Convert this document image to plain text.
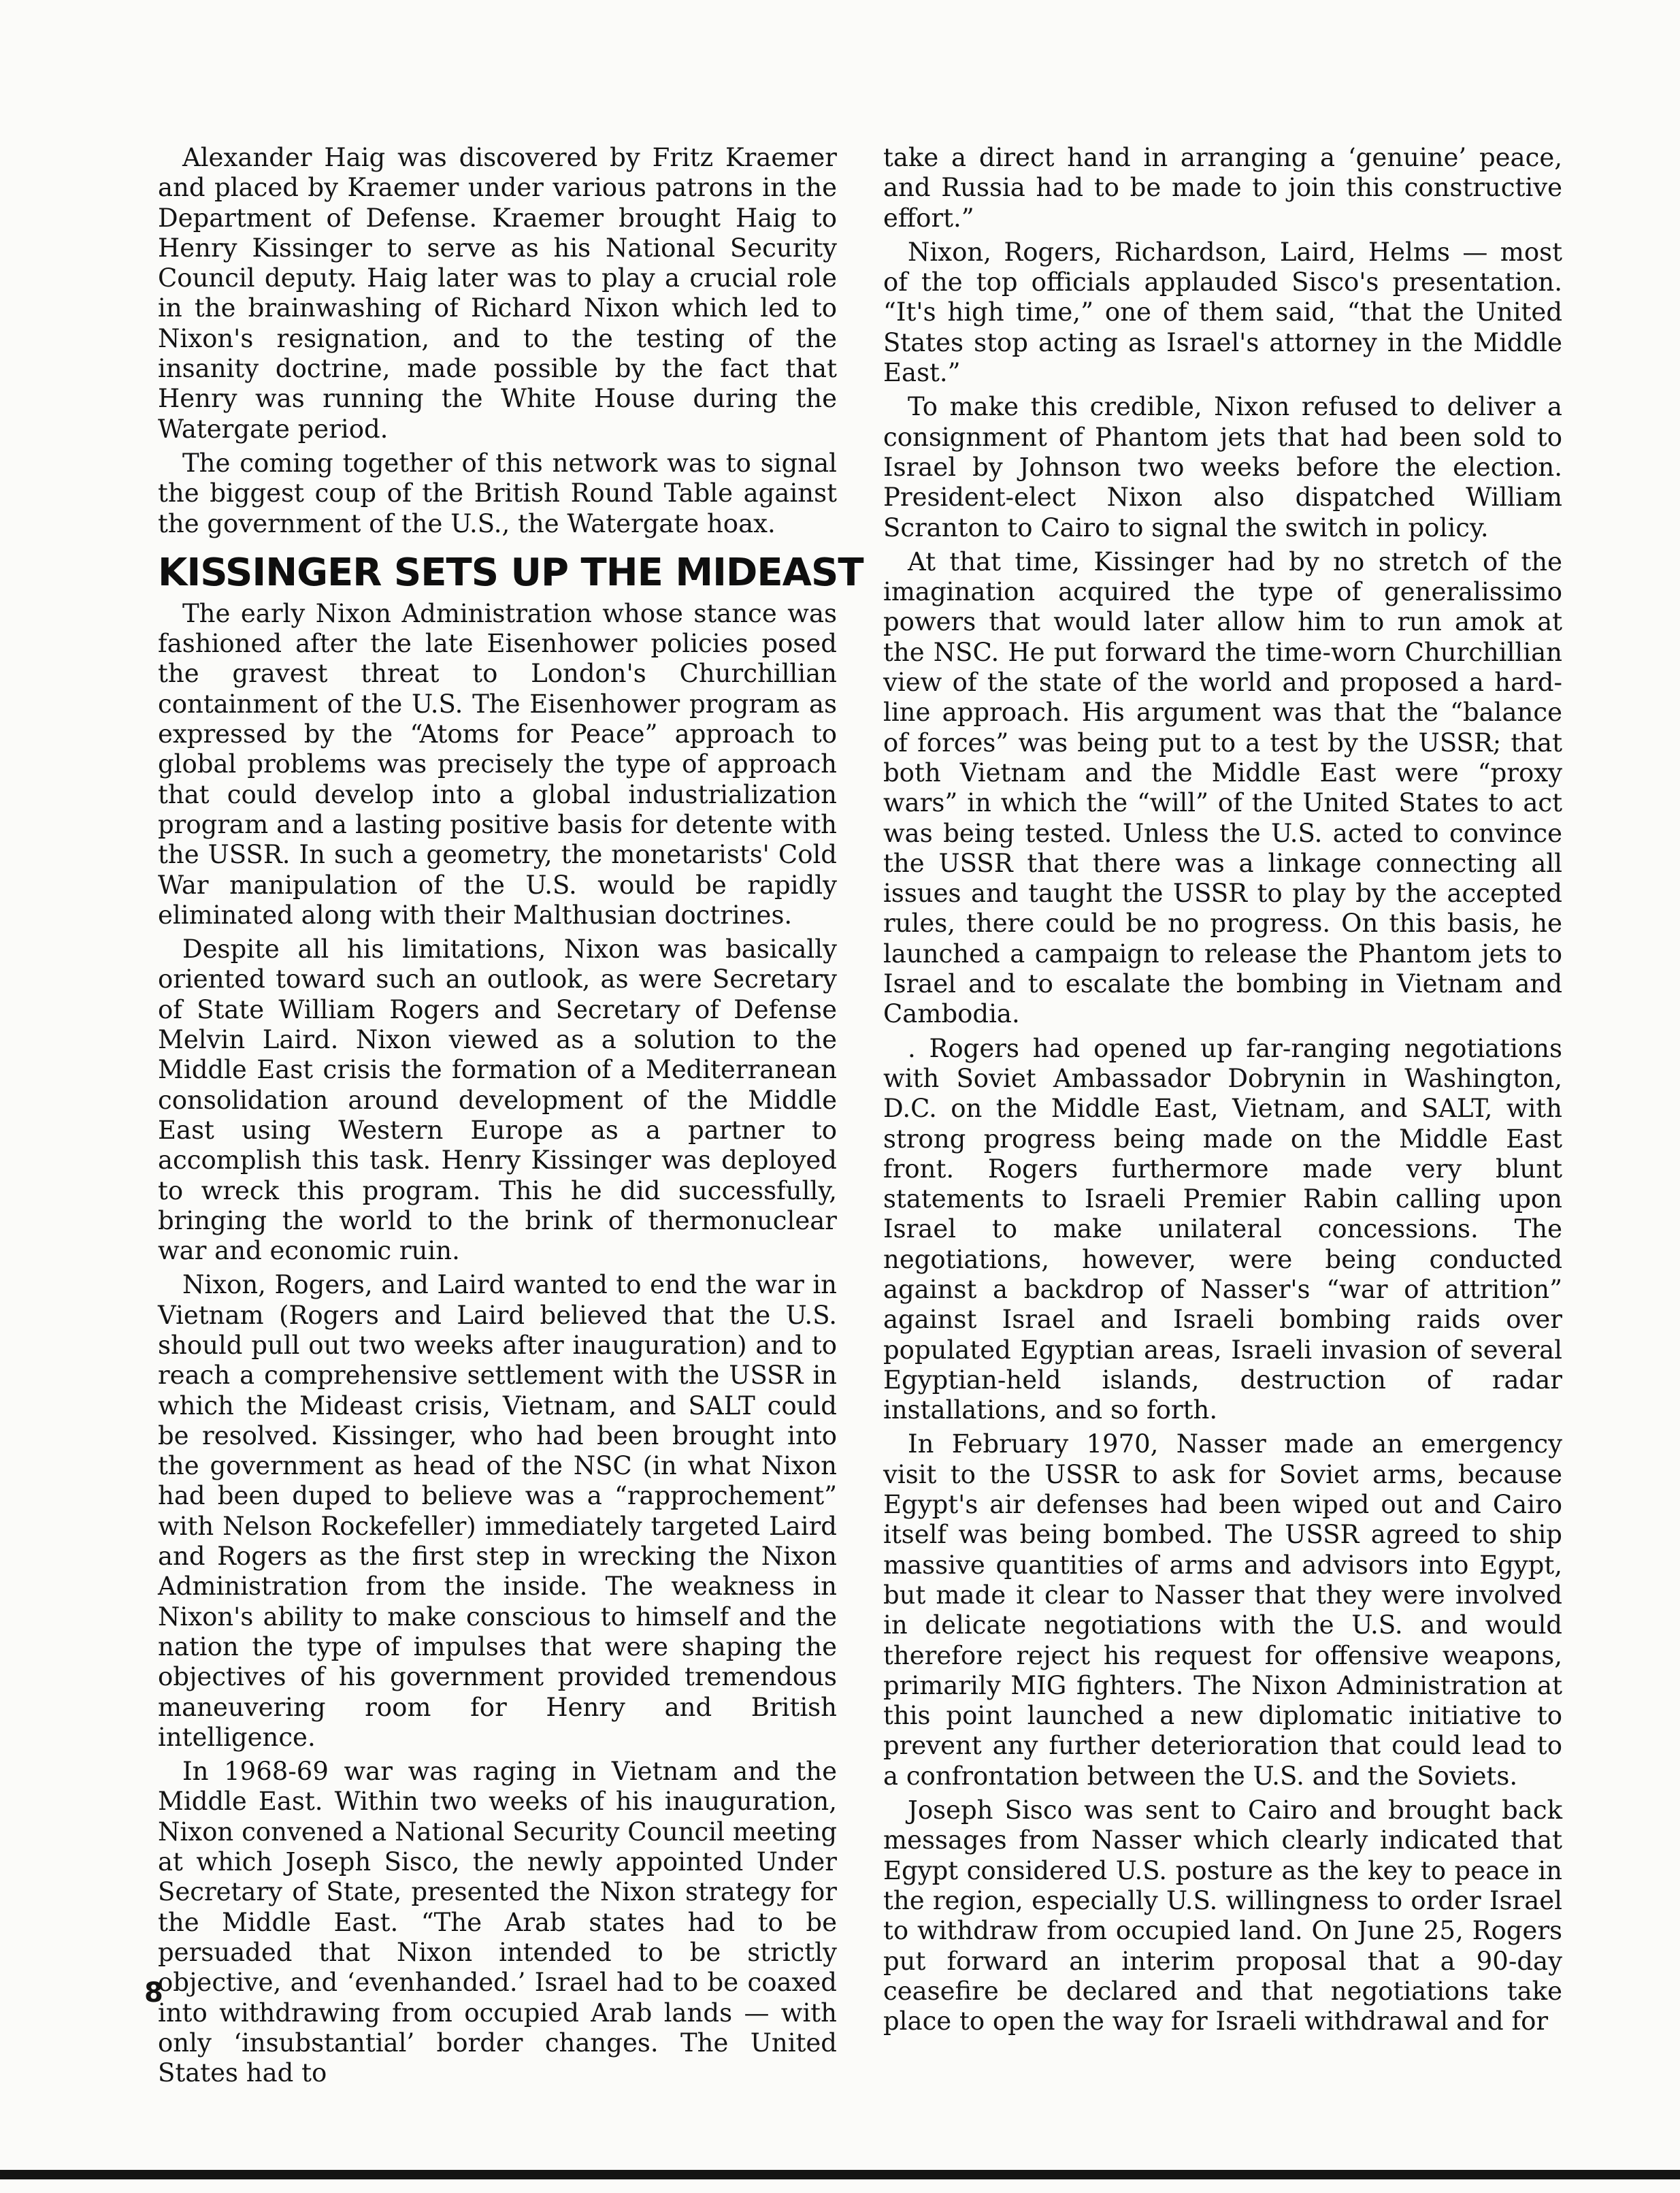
Alexander Haig was discovered by Fritz Kraemer and placed by Kraemer under various patrons in the Department of Defense. Kraemer brought Haig to Henry Kissinger to serve as his National Security Council deputy. Haig later was to play a crucial role in the brainwashing of Richard Nixon which led to Nixon's resignation, and to the testing of the insanity doctrine, made possible by the fact that Henry was running the White House during the Watergate period.

The coming together of this network was to signal the biggest coup of the British Round Table against the government of the U.S., the Watergate hoax.

KISSINGER SETS UP THE MIDEAST

The early Nixon Administration whose stance was fashioned after the late Eisenhower policies posed the gravest threat to London's Churchillian containment of the U.S. The Eisenhower program as expressed by the “Atoms for Peace” approach to global problems was precisely the type of approach that could develop into a global industrialization program and a lasting positive basis for detente with the USSR. In such a geometry, the monetarists' Cold War manipulation of the U.S. would be rapidly eliminated along with their Malthusian doctrines.

Despite all his limitations, Nixon was basically oriented toward such an outlook, as were Secretary of State William Rogers and Secretary of Defense Melvin Laird. Nixon viewed as a solution to the Middle East crisis the formation of a Mediterranean consolidation around development of the Middle East using Western Europe as a partner to accomplish this task. Henry Kissinger was deployed to wreck this program. This he did successfully, bringing the world to the brink of thermonuclear war and economic ruin.

Nixon, Rogers, and Laird wanted to end the war in Vietnam (Rogers and Laird believed that the U.S. should pull out two weeks after inauguration) and to reach a comprehensive settlement with the USSR in which the Mideast crisis, Vietnam, and SALT could be resolved. Kissinger, who had been brought into the government as head of the NSC (in what Nixon had been duped to believe was a “rapprochement” with Nelson Rockefeller) immediately targeted Laird and Rogers as the first step in wrecking the Nixon Administration from the inside. The weakness in Nixon's ability to make conscious to himself and the nation the type of impulses that were shaping the objectives of his government provided tremendous maneuvering room for Henry and British intelligence.

In 1968-69 war was raging in Vietnam and the Middle East. Within two weeks of his inauguration, Nixon convened a National Security Council meeting at which Joseph Sisco, the newly appointed Under Secretary of State, presented the Nixon strategy for the Middle East. “The Arab states had to be persuaded that Nixon intended to be strictly objective, and ‘evenhanded.’ Israel had to be coaxed into withdrawing from occupied Arab lands — with only ‘insubstantial’ border changes. The United States had to

take a direct hand in arranging a ‘genuine’ peace, and Russia had to be made to join this constructive effort.”

Nixon, Rogers, Richardson, Laird, Helms — most of the top officials applauded Sisco's presentation. “It's high time,” one of them said, “that the United States stop acting as Israel's attorney in the Middle East.”

To make this credible, Nixon refused to deliver a consignment of Phantom jets that had been sold to Israel by Johnson two weeks before the election. President-elect Nixon also dispatched William Scranton to Cairo to signal the switch in policy.

At that time, Kissinger had by no stretch of the imagination acquired the type of generalissimo powers that would later allow him to run amok at the NSC. He put forward the time-worn Churchillian view of the state of the world and proposed a hard-line approach. His argument was that the “balance of forces” was being put to a test by the USSR; that both Vietnam and the Middle East were “proxy wars” in which the “will” of the United States to act was being tested. Unless the U.S. acted to convince the USSR that there was a linkage connecting all issues and taught the USSR to play by the accepted rules, there could be no progress. On this basis, he launched a campaign to release the Phantom jets to Israel and to escalate the bombing in Vietnam and Cambodia.

. Rogers had opened up far-ranging negotiations with Soviet Ambassador Dobrynin in Washington, D.C. on the Middle East, Vietnam, and SALT, with strong progress being made on the Middle East front. Rogers furthermore made very blunt statements to Israeli Premier Rabin calling upon Israel to make unilateral concessions. The negotiations, however, were being conducted against a backdrop of Nasser's “war of attrition” against Israel and Israeli bombing raids over populated Egyptian areas, Israeli invasion of several Egyptian-held islands, destruction of radar installations, and so forth.

In February 1970, Nasser made an emergency visit to the USSR to ask for Soviet arms, because Egypt's air defenses had been wiped out and Cairo itself was being bombed. The USSR agreed to ship massive quantities of arms and advisors into Egypt, but made it clear to Nasser that they were involved in delicate negotiations with the U.S. and would therefore reject his request for offensive weapons, primarily MIG fighters. The Nixon Administration at this point launched a new diplomatic initiative to prevent any further deterioration that could lead to a confrontation between the U.S. and the Soviets.

Joseph Sisco was sent to Cairo and brought back messages from Nasser which clearly indicated that Egypt considered U.S. posture as the key to peace in the region, especially U.S. willingness to order Israel to withdraw from occupied land. On June 25, Rogers put forward an interim proposal that a 90-day ceasefire be declared and that negotiations take place to open the way for Israeli withdrawal and for

8
